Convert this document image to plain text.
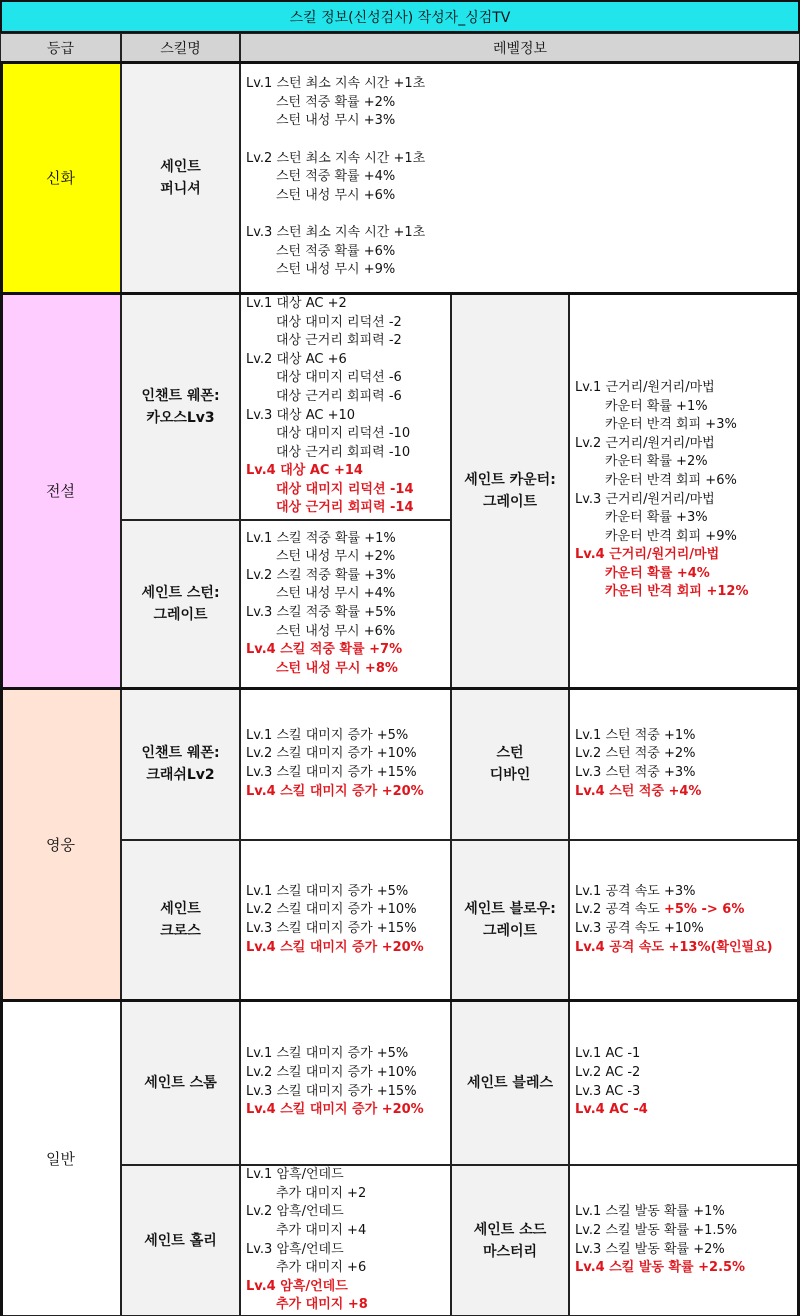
스킬 정보(신성검사) 작성자_싱검TV
등급	스킬명	레벨정보
신화
전설
영웅
일반
세인트
퍼니셔
Lv.1 스턴 최소 지속 시간 +1초
스턴 적중 확률 +2%
스턴 내성 무시 +3%

Lv.2 스턴 최소 지속 시간 +1초
스턴 적중 확률 +4%
스턴 내성 무시 +6%

Lv.3 스턴 최소 지속 시간 +1초
스턴 적중 확률 +6%
스턴 내성 무시 +9%
인챈트 웨폰:
카오스Lv3
Lv.1 대상 AC +2
대상 대미지 리덕션 -2
대상 근거리 회피력 -2
Lv.2 대상 AC +6
대상 대미지 리덕션 -6
대상 근거리 회피력 -6
Lv.3 대상 AC +10
대상 대미지 리덕션 -10
대상 근거리 회피력 -10
Lv.4 대상 AC +14
대상 대미지 리덕션 -14
대상 근거리 회피력 -14
세인트 카운터:
그레이트
Lv.1 근거리/원거리/마법
카운터 확률 +1%
카운터 반격 회피 +3%
Lv.2 근거리/원거리/마법
카운터 확률 +2%
카운터 반격 회피 +6%
Lv.3 근거리/원거리/마법
카운터 확률 +3%
카운터 반격 회피 +9%
Lv.4 근거리/원거리/마법
카운터 확률 +4%
카운터 반격 회피 +12%
세인트 스턴:
그레이트
Lv.1 스킬 적중 확률 +1%
스턴 내성 무시 +2%
Lv.2 스킬 적중 확률 +3%
스턴 내성 무시 +4%
Lv.3 스킬 적중 확률 +5%
스턴 내성 무시 +6%
Lv.4 스킬 적중 확률 +7%
스턴 내성 무시 +8%
인챈트 웨폰:
크래쉬Lv2
Lv.1 스킬 대미지 증가 +5%
Lv.2 스킬 대미지 증가 +10%
Lv.3 스킬 대미지 증가 +15%
Lv.4 스킬 대미지 증가 +20%
스턴
디바인
Lv.1 스턴 적중 +1%
Lv.2 스턴 적중 +2%
Lv.3 스턴 적중 +3%
Lv.4 스턴 적중 +4%
세인트
크로스
Lv.1 스킬 대미지 증가 +5%
Lv.2 스킬 대미지 증가 +10%
Lv.3 스킬 대미지 증가 +15%
Lv.4 스킬 대미지 증가 +20%
세인트 블로우:
그레이트
Lv.1 공격 속도 +3%
Lv.2 공격 속도 +5% -> 6%
Lv.3 공격 속도 +10%
Lv.4 공격 속도 +13%(확인필요)
세인트 스톰
Lv.1 스킬 대미지 증가 +5%
Lv.2 스킬 대미지 증가 +10%
Lv.3 스킬 대미지 증가 +15%
Lv.4 스킬 대미지 증가 +20%
세인트 블레스
Lv.1 AC -1
Lv.2 AC -2
Lv.3 AC -3
Lv.4 AC -4
세인트 홀리
Lv.1 암흑/언데드
추가 대미지 +2
Lv.2 암흑/언데드
추가 대미지 +4
Lv.3 암흑/언데드
추가 대미지 +6
Lv.4 암흑/언데드
추가 대미지 +8
세인트 소드
마스터리
Lv.1 스킬 발동 확률 +1%
Lv.2 스킬 발동 확률 +1.5%
Lv.3 스킬 발동 확률 +2%
Lv.4 스킬 발동 확률 +2.5%
